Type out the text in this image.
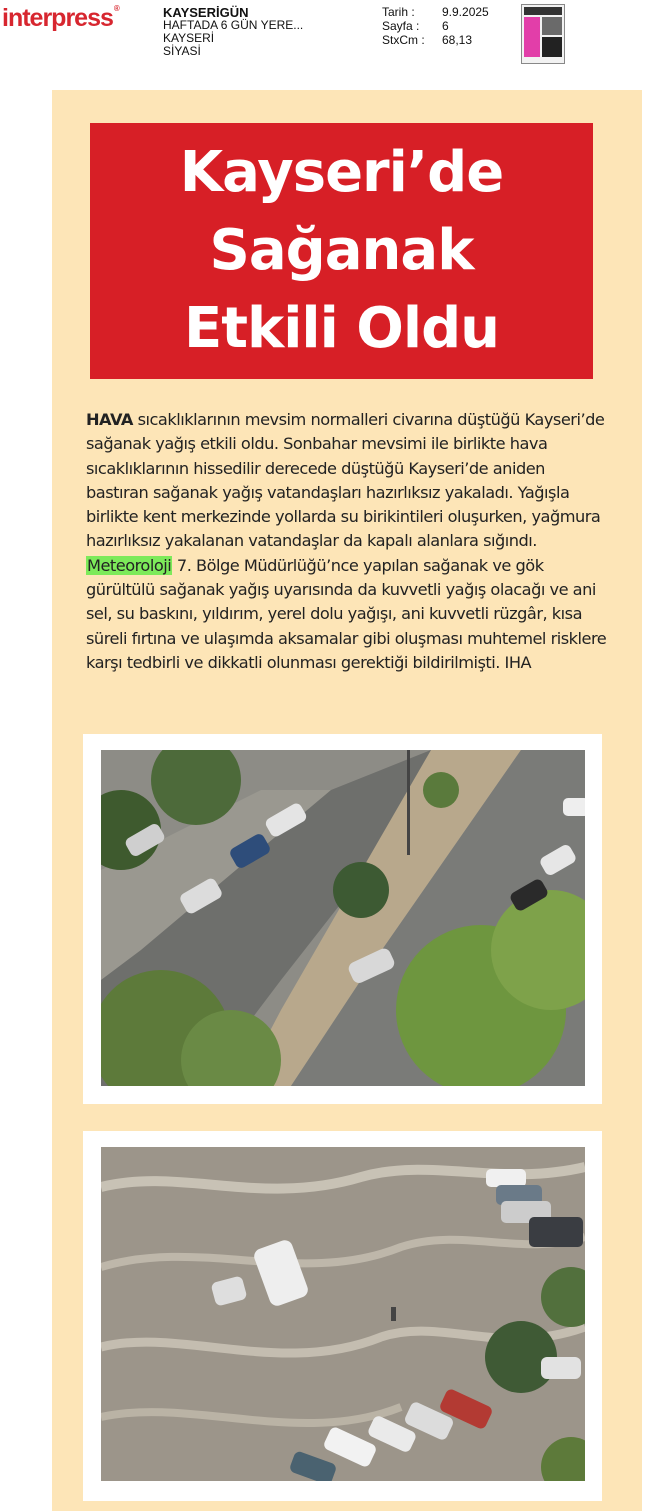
interpress®	KAYSERİGÜN
HAFTADA 6 GÜN YERE...
KAYSERİ
SİYASİ
Tarih :	9.9.2025
Sayfa :	6
StxCm :	68,13
Kayseri’de
Sağanak
Etkili Oldu
HAVA sıcaklıklarının mevsim normalleri civarına düştüğü Kayseri’de sağanak yağış etkili oldu. Sonbahar mevsimi ile birlikte hava sıcaklıklarının hissedilir derecede düştüğü Kayseri’de aniden bastıran sağanak yağış vatandaşları hazırlıksız yakaladı. Yağışla birlikte kent merkezinde yollarda su birikintileri oluşurken, yağmura hazırlıksız yakalanan vatandaşlar da kapalı alanlara sığındı. Meteoroloji 7. Bölge Müdürlüğü’nce yapılan sağanak ve gök gürültülü sağanak yağış uyarısında da kuvvetli yağış olacağı ve ani sel, su baskını, yıldırım, yerel dolu yağışı, ani kuvvetli rüzgâr, kısa süreli fırtına ve ulaşımda aksamalar gibi oluşması muhtemel risklere karşı tedbirli ve dikkatli olunması gerektiği bildirilmişti. IHA
